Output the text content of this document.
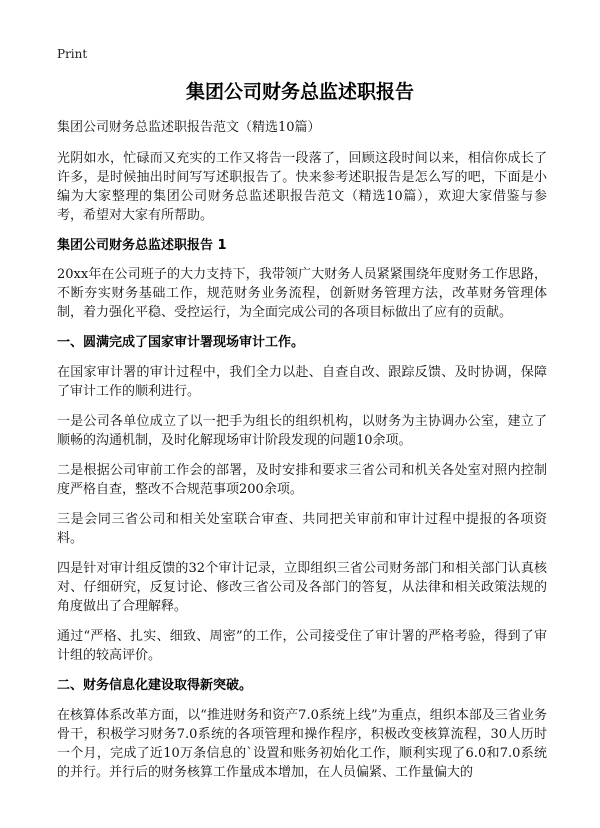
Print
集团公司财务总监述职报告

集团公司财务总监述职报告范文（精选10篇）

光阴如水，忙碌而又充实的工作又将告一段落了，回顾这段时间以来，相信你成长了许多，是时候抽出时间写写述职报告了。快来参考述职报告是怎么写的吧，下面是小编为大家整理的集团公司财务总监述职报告范文（精选10篇），欢迎大家借鉴与参考，希望对大家有所帮助。

集团公司财务总监述职报告 1

20xx年在公司班子的大力支持下，我带领广大财务人员紧紧围绕年度财务工作思路，不断夯实财务基础工作，规范财务业务流程，创新财务管理方法，改革财务管理体制，着力强化平稳、受控运行，为全面完成公司的各项目标做出了应有的贡献。

一、圆满完成了国家审计署现场审计工作。

在国家审计署的审计过程中，我们全力以赴、自查自改、跟踪反馈、及时协调，保障了审计工作的顺利进行。

一是公司各单位成立了以一把手为组长的组织机构，以财务为主协调办公室，建立了顺畅的沟通机制，及时化解现场审计阶段发现的问题10余项。

二是根据公司审前工作会的部署，及时安排和要求三省公司和机关各处室对照内控制度严格自查，整改不合规范事项200余项。

三是会同三省公司和相关处室联合审查、共同把关审前和审计过程中提报的各项资料。

四是针对审计组反馈的32个审计记录，立即组织三省公司财务部门和相关部门认真核对、仔细研究，反复讨论、修改三省公司及各部门的答复，从法律和相关政策法规的角度做出了合理解释。

通过“严格、扎实、细致、周密”的工作，公司接受住了审计署的严格考验，得到了审计组的较高评价。

二、财务信息化建设取得新突破。

在核算体系改革方面，以“推进财务和资产7.0系统上线”为重点，组织本部及三省业务骨干，积极学习财务7.0系统的各项管理和操作程序，积极改变核算流程，30人历时一个月，完成了近10万条信息的`设置和账务初始化工作，顺利实现了6.0和7.0系统的并行。并行后的财务核算工作量成本增加，在人员偏紧、工作量偏大的
